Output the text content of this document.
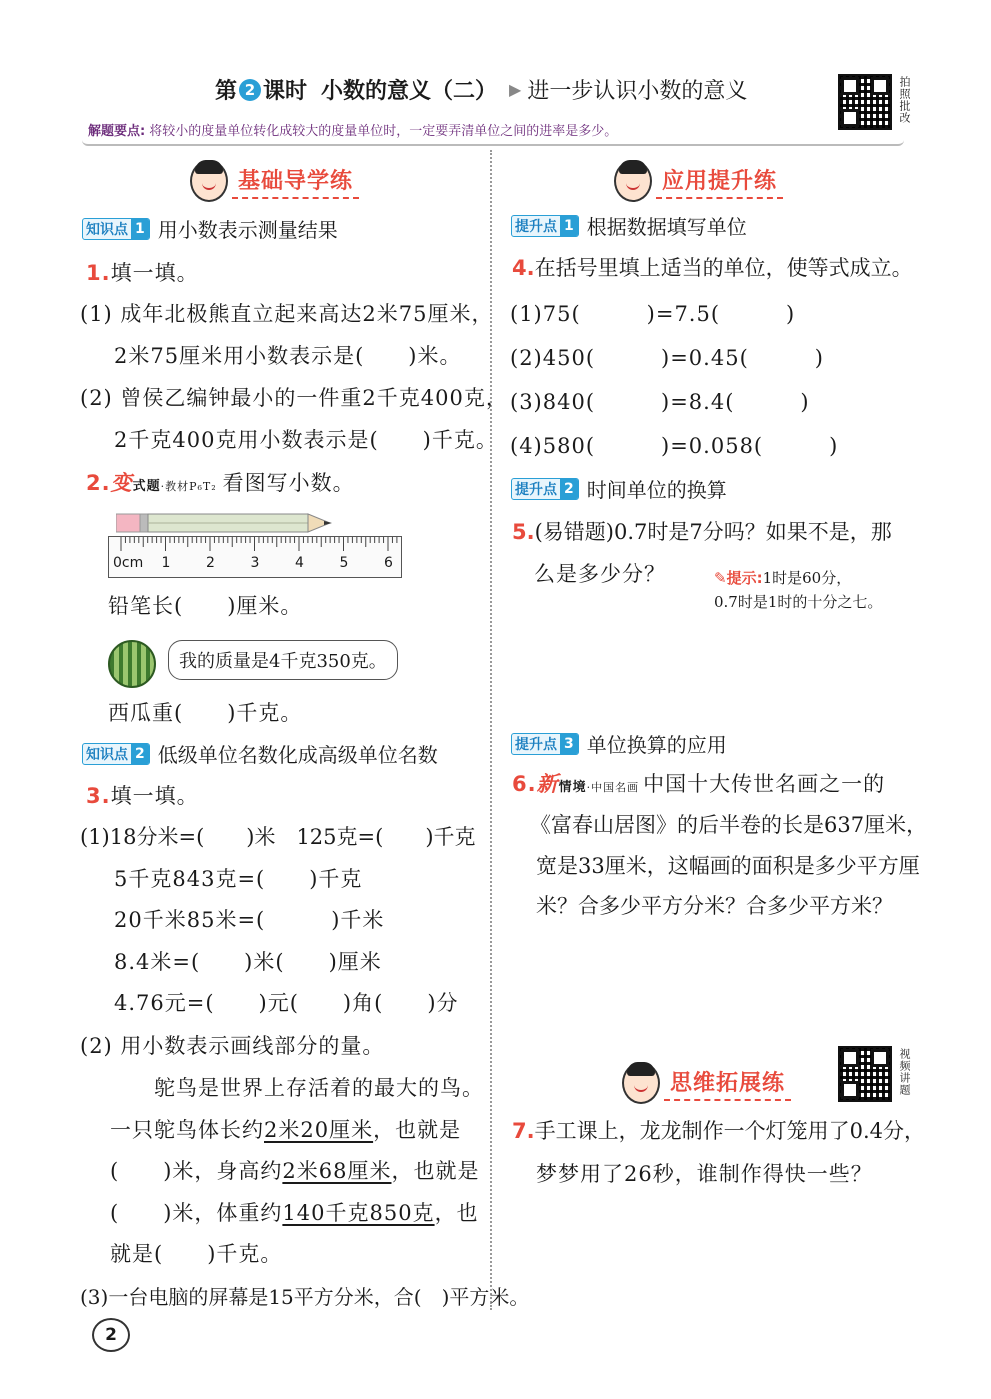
第 2 课时 小数的意义（二） ▶ 进一步认识小数的意义	拍照批改
解题要点: 将较小的度量单位转化成较大的度量单位时，一定要弄清单位之间的进率是多少。
基础导学练
知识点 1 用小数表示测量结果
1.填一填。
(1) 成年北极熊直立起来高达2米75厘米，
2米75厘米用小数表示是(　　)米。
(2) 曾侯乙编钟最小的一件重2千克400克，
2千克400克用小数表示是(　　)千克。
2.变式题·教材P₆T₂ 看图写小数。
0cm 1	2	3	4	5	6
铅笔长(　　)厘米。
我的质量是4千克350克。
西瓜重(　　)千克。
知识点 2 低级单位名数化成高级单位名数
3.填一填。
(1)18分米=(　　)米　125克=(　　)千克
5千克843克=(　　)千克
20千米85米=(　　　)千米
8.4米=(　　)米(　　)厘米
4.76元=(　　)元(　　)角(　　)分
(2) 用小数表示画线部分的量。
鸵鸟是世界上存活着的最大的鸟。
一只鸵鸟体长约2米20厘米，也就是
(　　)米，身高约2米68厘米，也就是
(　　)米，体重约140千克850克，也
就是(　　)千克。
(3)一台电脑的屏幕是15平方分米，合(　)平方米。
应用提升练
提升点 1 根据数据填写单位
4.在括号里填上适当的单位，使等式成立。
(1)75(　　　)=7.5(　　　)
(2)450(　　　)=0.45(　　　)
(3)840(　　　)=8.4(　　　)
(4)580(　　　)=0.058(　　　)
提升点 2 时间单位的换算
5.(易错题)0.7时是7分吗？如果不是，那
么是多少分？	✎提示:1时是60分，
0.7时是1时的十分之七。
提升点 3 单位换算的应用
6.新情境·中国名画 中国十大传世名画之一的
《富春山居图》的后半卷的长是637厘米，
宽是33厘米，这幅画的面积是多少平方厘
米？合多少平方分米？合多少平方米？
思维拓展练	视频讲题
7.手工课上，龙龙制作一个灯笼用了0.4分，
梦梦用了26秒，谁制作得快一些？
2
